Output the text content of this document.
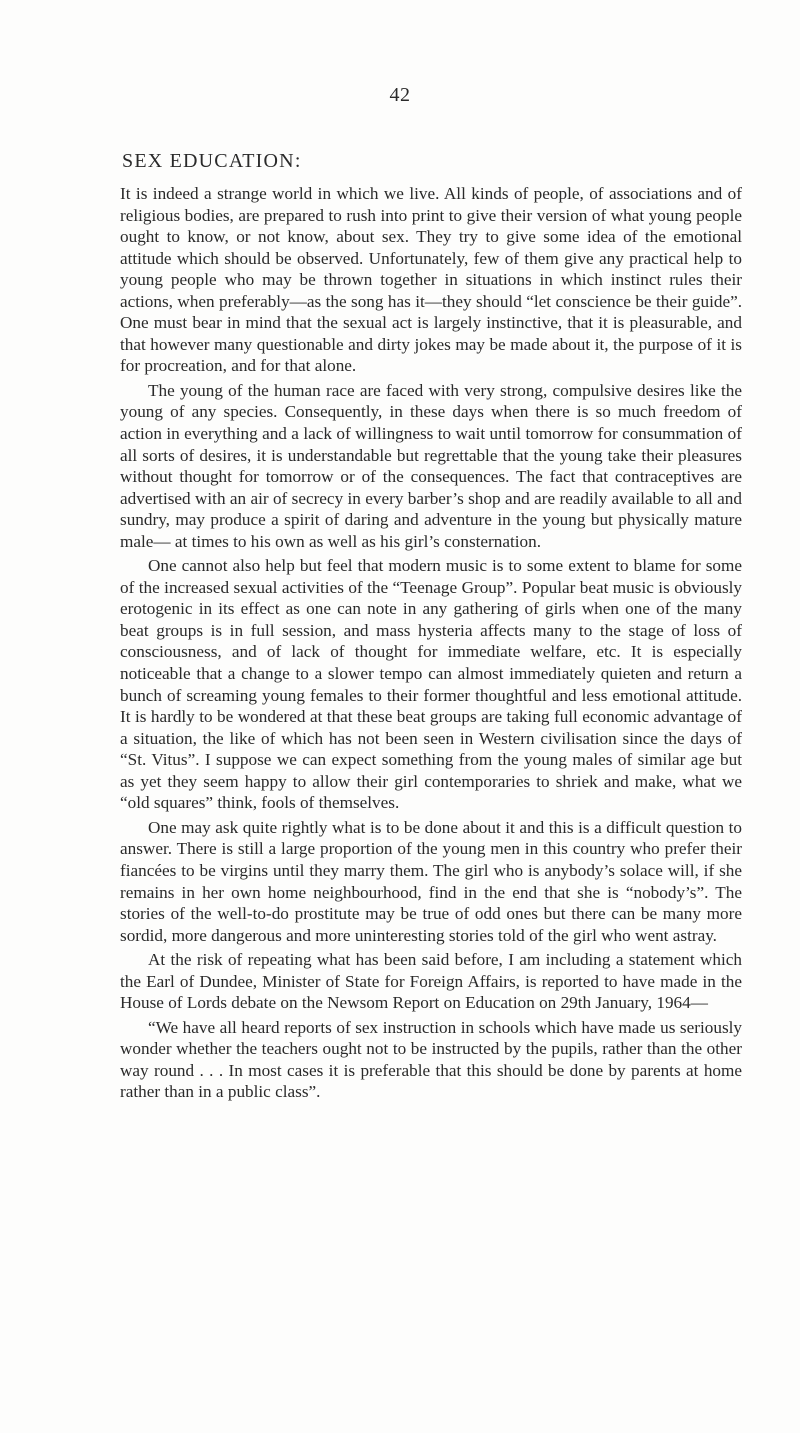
42
SEX EDUCATION:

It is indeed a strange world in which we live. All kinds of people, of associations and of religious bodies, are prepared to rush into print to give their version of what young people ought to know, or not know, about sex. They try to give some idea of the emotional attitude which should be observed. Unfortunately, few of them give any practical help to young people who may be thrown together in situations in which instinct rules their actions, when preferably—as the song has it—they should “let conscience be their guide”. One must bear in mind that the sexual act is largely instinctive, that it is pleasurable, and that however many questionable and dirty jokes may be made about it, the purpose of it is for procreation, and for that alone.

The young of the human race are faced with very strong, compulsive desires like the young of any species. Consequently, in these days when there is so much freedom of action in everything and a lack of willingness to wait until tomorrow for consummation of all sorts of desires, it is understandable but regrettable that the young take their pleasures without thought for tomorrow or of the consequences. The fact that contraceptives are advertised with an air of secrecy in every barber’s shop and are readily available to all and sundry, may produce a spirit of daring and adventure in the young but physically mature male— at times to his own as well as his girl’s consternation.

One cannot also help but feel that modern music is to some extent to blame for some of the increased sexual activities of the “Teenage Group”. Popular beat music is obviously erotogenic in its effect as one can note in any gathering of girls when one of the many beat groups is in full session, and mass hysteria affects many to the stage of loss of consciousness, and of lack of thought for immediate welfare, etc. It is especially noticeable that a change to a slower tempo can almost immediately quieten and return a bunch of screaming young females to their former thoughtful and less emotional attitude. It is hardly to be wondered at that these beat groups are taking full economic advantage of a situation, the like of which has not been seen in Western civilisation since the days of “St. Vitus”. I suppose we can expect something from the young males of similar age but as yet they seem happy to allow their girl contemporaries to shriek and make, what we “old squares” think, fools of themselves.

One may ask quite rightly what is to be done about it and this is a difficult question to answer. There is still a large proportion of the young men in this country who prefer their fiancées to be virgins until they marry them. The girl who is anybody’s solace will, if she remains in her own home neighbourhood, find in the end that she is “nobody’s”. The stories of the well-to-do prostitute may be true of odd ones but there can be many more sordid, more dangerous and more uninteresting stories told of the girl who went astray.

At the risk of repeating what has been said before, I am including a statement which the Earl of Dundee, Minister of State for Foreign Affairs, is reported to have made in the House of Lords debate on the Newsom Report on Education on 29th January, 1964—

“We have all heard reports of sex instruction in schools which have made us seriously wonder whether the teachers ought not to be instructed by the pupils, rather than the other way round . . . In most cases it is preferable that this should be done by parents at home rather than in a public class”.
